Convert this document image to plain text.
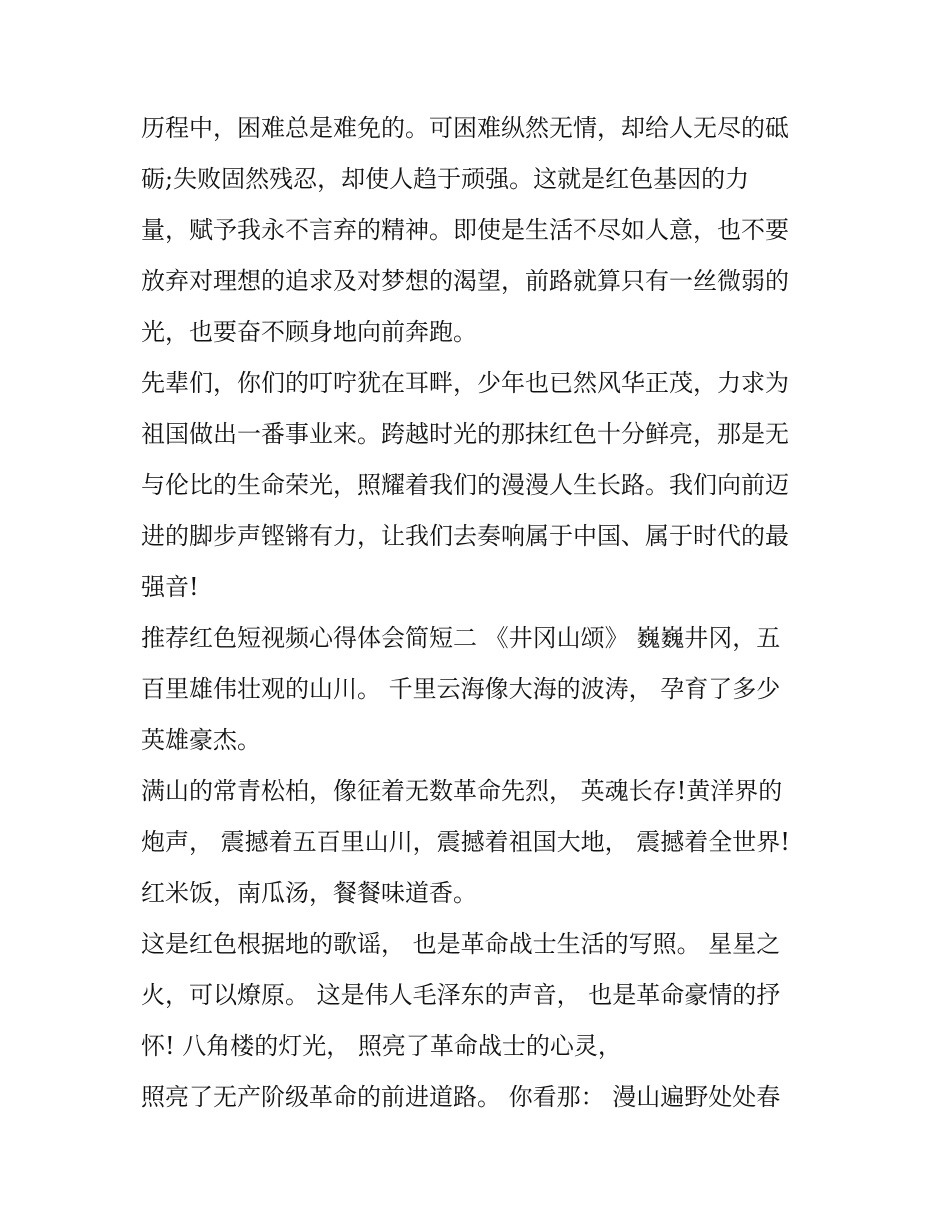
历程中，困难总是难免的。可困难纵然无情，却给人无尽的砥
砺;失败固然残忍，却使人趋于顽强。这就是红色基因的力
量，赋予我永不言弃的精神。即使是生活不尽如人意，也不要
放弃对理想的追求及对梦想的渴望，前路就算只有一丝微弱的
光，也要奋不顾身地向前奔跑。
先辈们，你们的叮咛犹在耳畔，少年也已然风华正茂，力求为
祖国做出一番事业来。跨越时光的那抹红色十分鲜亮，那是无
与伦比的生命荣光，照耀着我们的漫漫人生长路。我们向前迈
进的脚步声铿锵有力，让我们去奏响属于中国、属于时代的最
强音!
推荐红色短视频心得体会简短二 《井冈山颂》 巍巍井冈，五
百里雄伟壮观的山川。 千里云海像大海的波涛， 孕育了多少
英雄豪杰。
满山的常青松柏，像征着无数革命先烈， 英魂长存!黄洋界的
炮声， 震撼着五百里山川，震撼着祖国大地， 震撼着全世界!
红米饭，南瓜汤，餐餐味道香。
这是红色根据地的歌谣， 也是革命战士生活的写照。 星星之
火，可以燎原。 这是伟人毛泽东的声音， 也是革命豪情的抒
怀! 八角楼的灯光， 照亮了革命战士的心灵，
照亮了无产阶级革命的前进道路。 你看那： 漫山遍野处处春
